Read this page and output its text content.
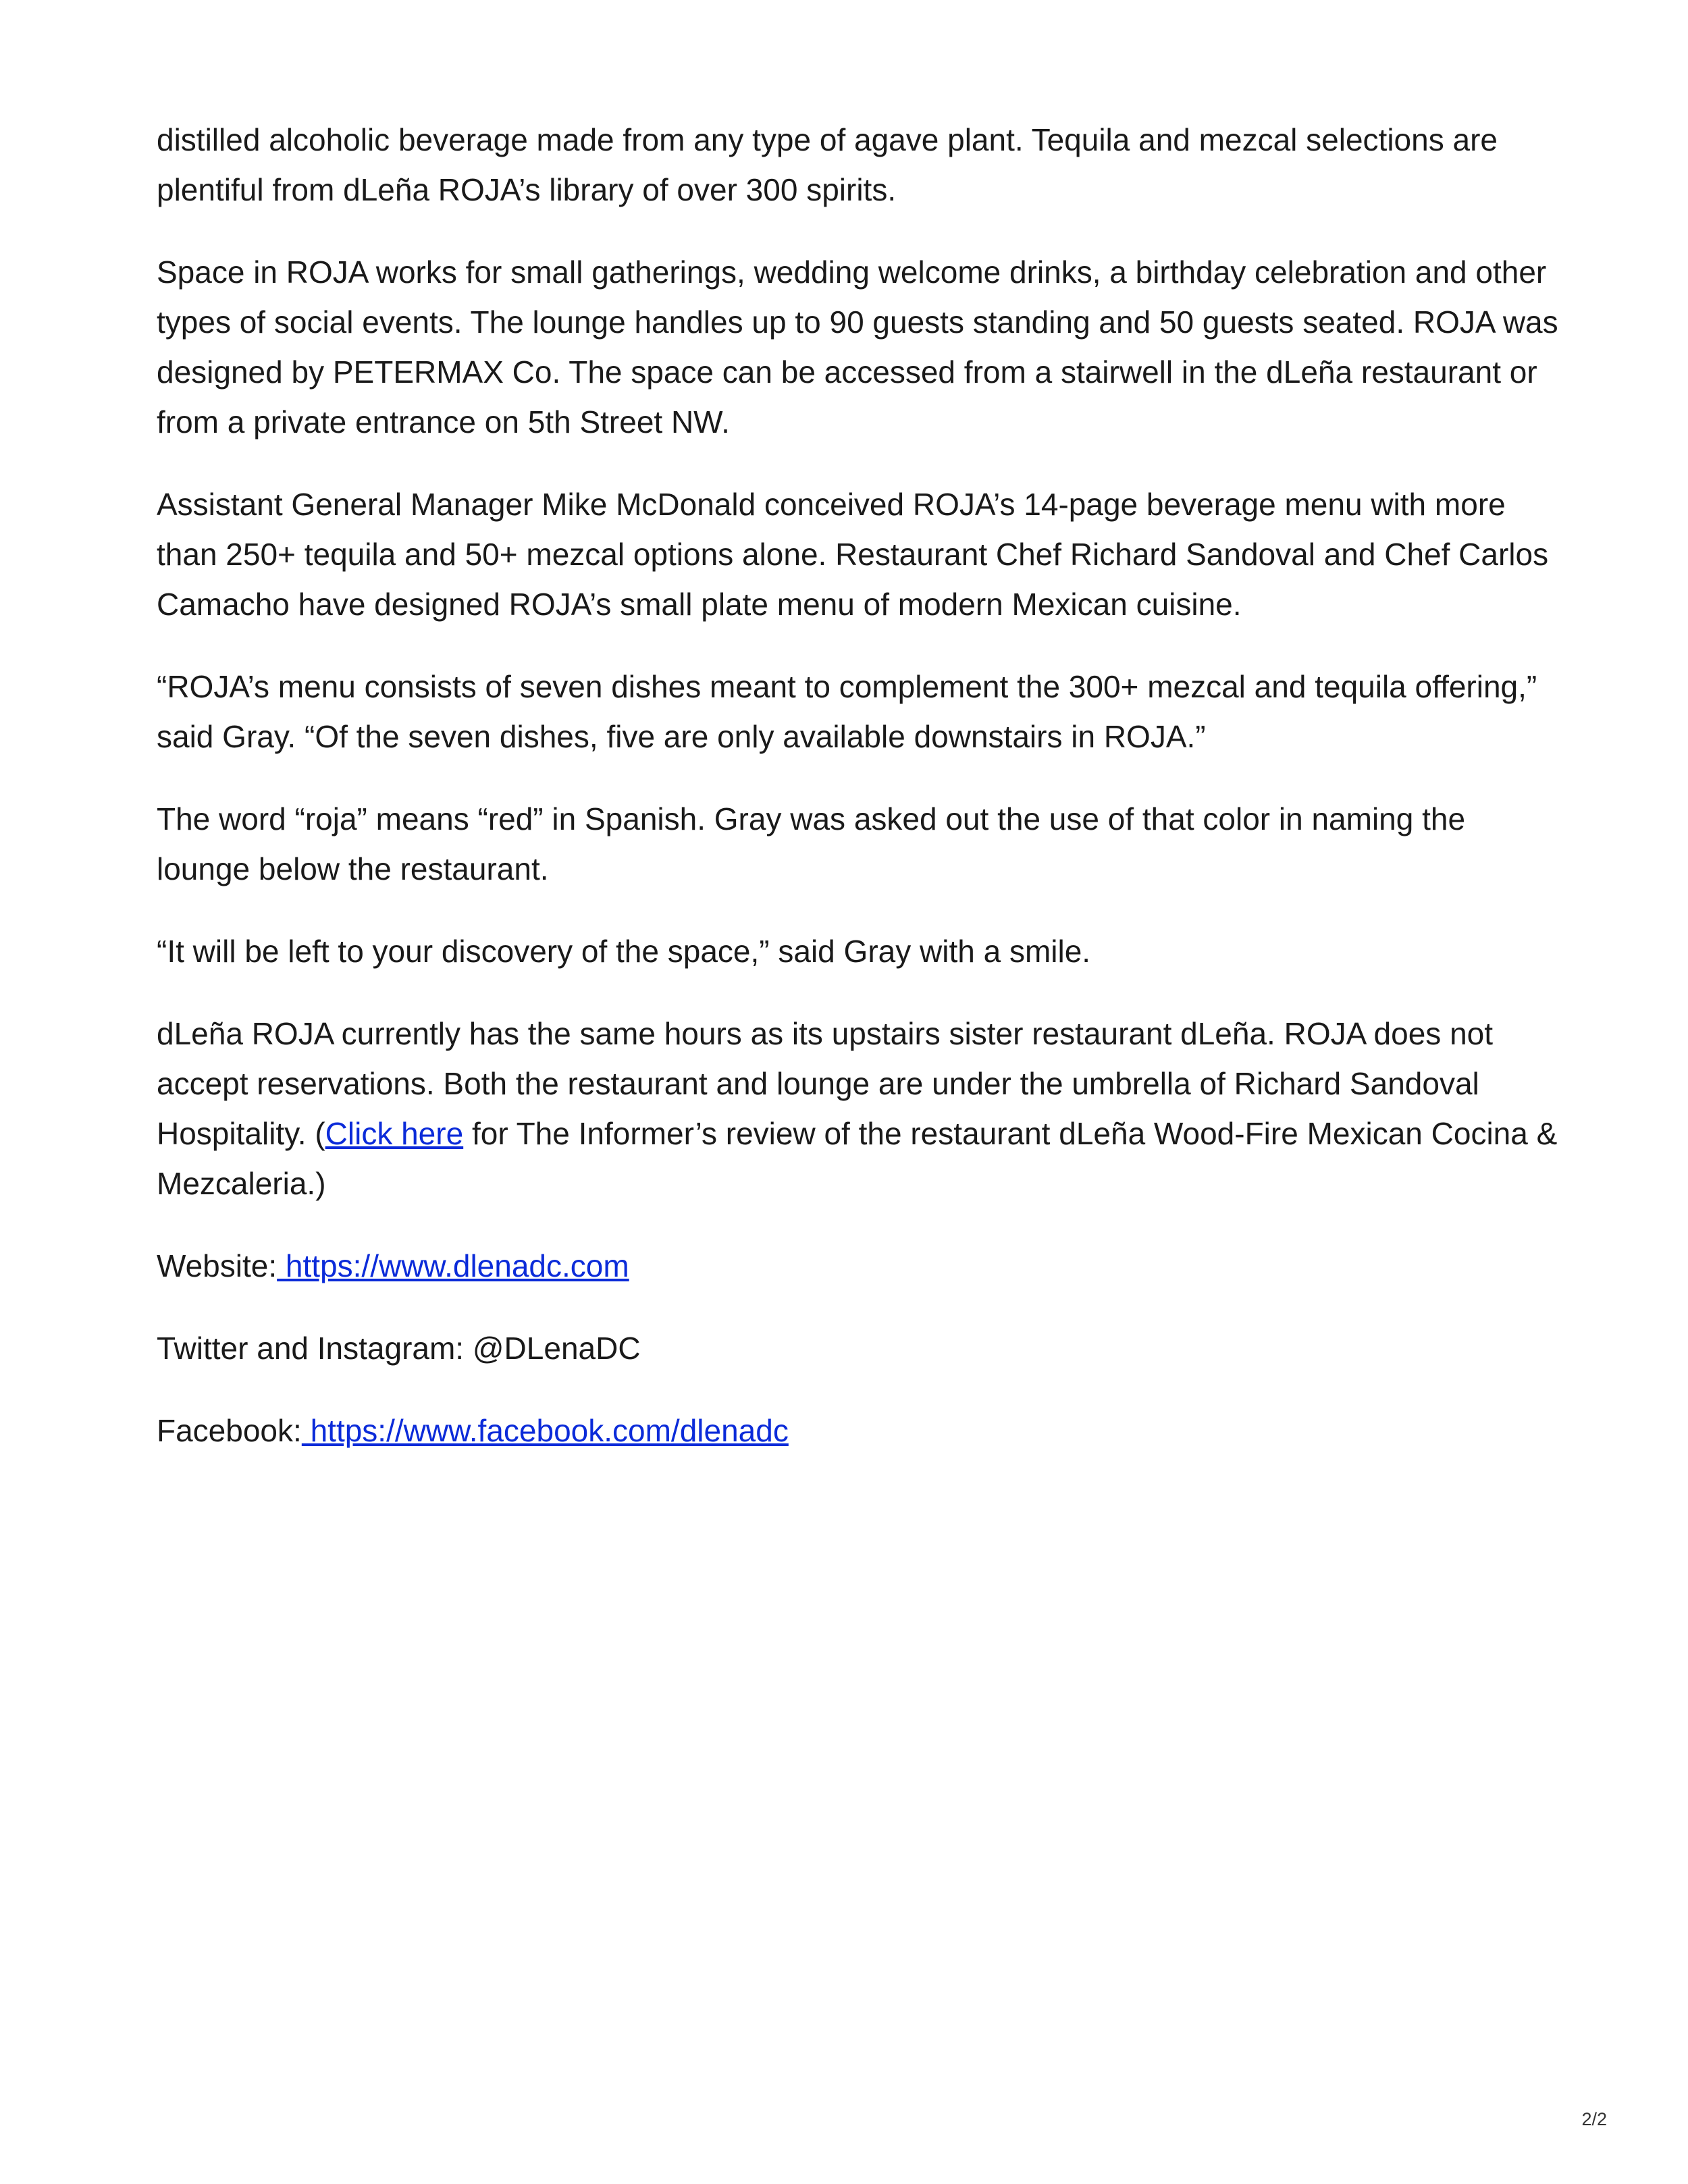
distilled alcoholic beverage made from any type of agave plant. Tequila and mezcal selections are plentiful from dLeña ROJA’s library of over 300 spirits.

Space in ROJA works for small gatherings, wedding welcome drinks, a birthday celebration and other types of social events. The lounge handles up to 90 guests standing and 50 guests seated. ROJA was designed by PETERMAX Co. The space can be accessed from a stairwell in the dLeña restaurant or from a private entrance on 5th Street NW.

Assistant General Manager Mike McDonald conceived ROJA’s 14-page beverage menu with more than 250+ tequila and 50+ mezcal options alone. Restaurant Chef Richard Sandoval and Chef Carlos Camacho have designed ROJA’s small plate menu of modern Mexican cuisine.

“ROJA’s menu consists of seven dishes meant to complement the 300+ mezcal and tequila offering,” said Gray. “Of the seven dishes, five are only available downstairs in ROJA.”

The word “roja” means “red” in Spanish. Gray was asked out the use of that color in naming the lounge below the restaurant.

“It will be left to your discovery of the space,” said Gray with a smile.

dLeña ROJA currently has the same hours as its upstairs sister restaurant dLeña. ROJA does not accept reservations. Both the restaurant and lounge are under the umbrella of Richard Sandoval Hospitality. (Click here for The Informer’s review of the restaurant dLeña Wood-Fire Mexican Cocina & Mezcaleria.)

Website: https://www.dlenadc.com

Twitter and Instagram: @DLenaDC

Facebook: https://www.facebook.com/dlenadc

2/2
